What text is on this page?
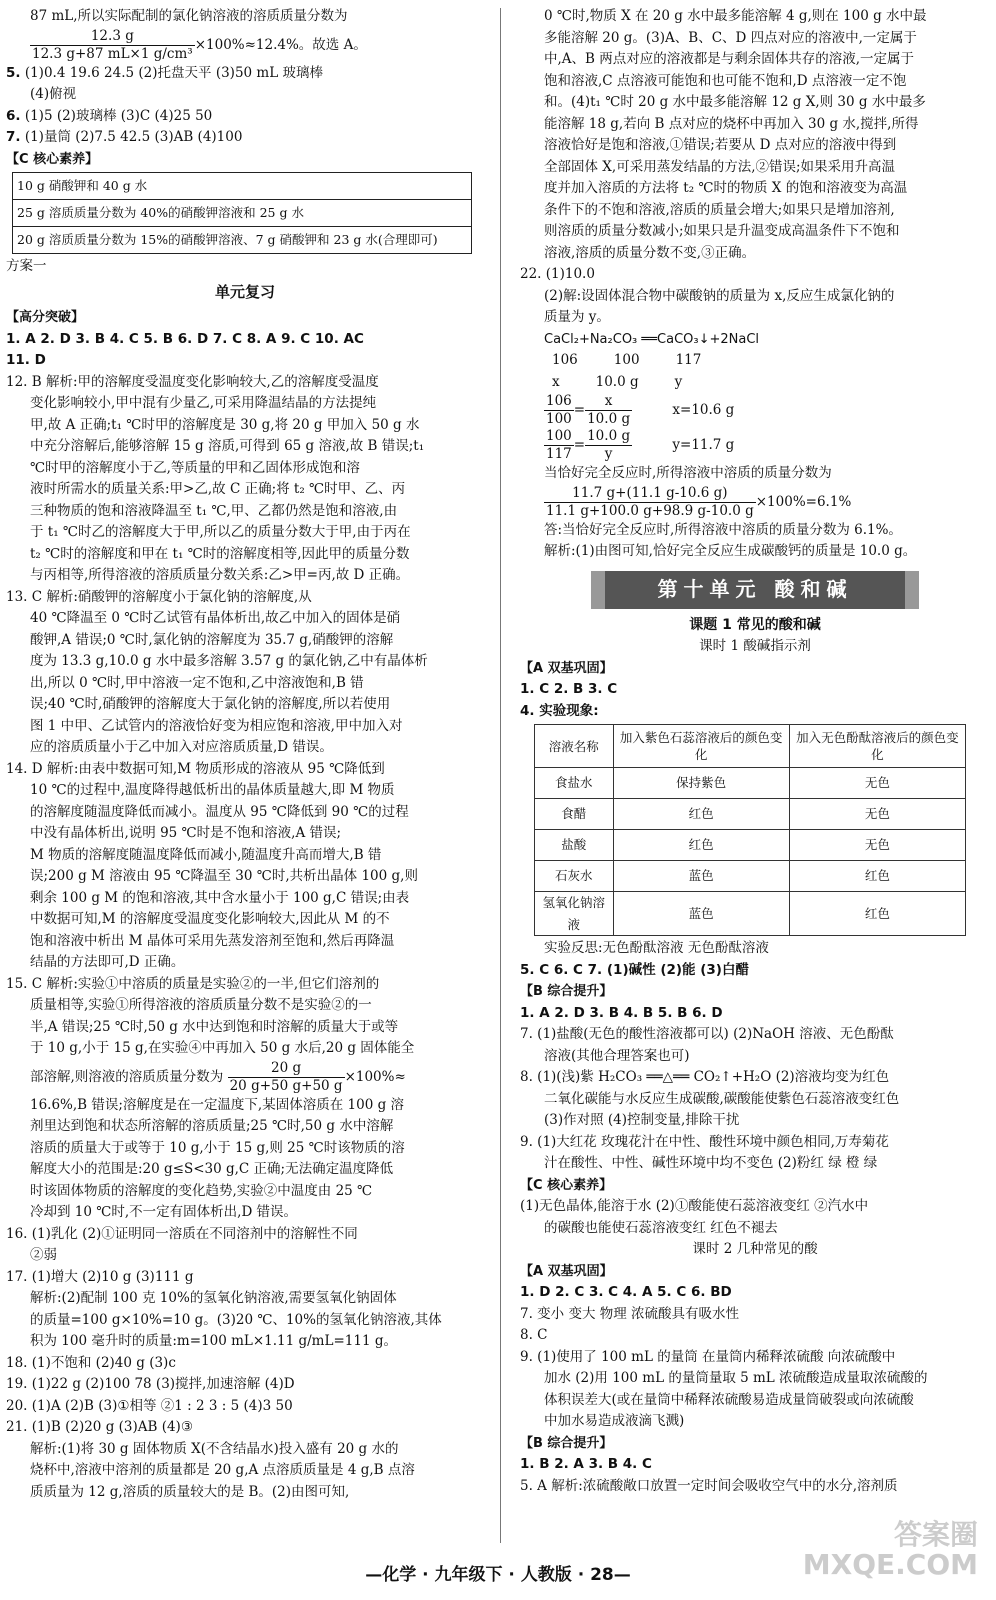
87 mL,所以实际配制的氯化钠溶液的溶质质量分数为

$\frac{12.3 g}{\text{12.3 g+87 mL×1 g/cm³}} \times 100\%\approx 12.4\%$。故选 A。

5. (1)0.4 19.6 24.5 (2)托盘天平 (3)50 mL 玻璃棒

(4)俯视

6. (1)5 (2)玻璃棒 (3)C (4)25 50

7. (1)量筒 (2)7.5 42.5 (3)AB (4)100

【C 核心素养】

10 g 硝酸钾和 40 g 水
25 g 溶质质量分数为 40%的硝酸钾溶液和 25 g 水
20 g 溶质质量分数为 15%的硝酸钾溶液、7 g 硝酸钾和 23 g 水(合理即可)

方案一

单元复习

【高分突破】

1. A 2. D 3. B 4. C 5. B 6. D 7. C 8. A 9. C 10. AC

11. D

12. B 解析:甲的溶解度受温度变化影响较大,乙的溶解度受温度

变化影响较小,甲中混有少量乙,可采用降温结晶的方法提纯

甲,故 A 正确;t₁ ℃时甲的溶解度是 30 g,将 20 g 甲加入 50 g 水

中充分溶解后,能够溶解 15 g 溶质,可得到 65 g 溶液,故 B 错误;t₁

℃时甲的溶解度小于乙,等质量的甲和乙固体形成饱和溶

液时所需水的质量关系:甲>乙,故 C 正确;将 t₂ ℃时甲、乙、丙

三种物质的饱和溶液降温至 t₁ ℃,甲、乙都仍然是饱和溶液,由

于 t₁ ℃时乙的溶解度大于甲,所以乙的质量分数大于甲,由于丙在

t₂ ℃时的溶解度和甲在 t₁ ℃时的溶解度相等,因此甲的质量分数

与丙相等,所得溶液的溶质质量分数关系:乙>甲=丙,故 D 正确。

13. C 解析:硝酸钾的溶解度小于氯化钠的溶解度,从

40 ℃降温至 0 ℃时乙试管有晶体析出,故乙中加入的固体是硝

酸钾,A 错误;0 ℃时,氯化钠的溶解度为 35.7 g,硝酸钾的溶解

度为 13.3 g,10.0 g 水中最多溶解 3.57 g 的氯化钠,乙中有晶体析

出,所以 0 ℃时,甲中溶液一定不饱和,乙中溶液饱和,B 错

误;40 ℃时,硝酸钾的溶解度大于氯化钠的溶解度,所以若使用

图 1 中甲、乙试管内的溶液恰好变为相应饱和溶液,甲中加入对

应的溶质质量小于乙中加入对应溶质质量,D 错误。

14. D 解析:由表中数据可知,M 物质形成的溶液从 95 ℃降低到

10 ℃的过程中,温度降得越低析出的晶体质量越大,即 M 物质

的溶解度随温度降低而减小。温度从 95 ℃降低到 90 ℃的过程

中没有晶体析出,说明 95 ℃时是不饱和溶液,A 错误;

M 物质的溶解度随温度降低而减小,随温度升高而增大,B 错

误;200 g M 溶液由 95 ℃降温至 30 ℃时,共析出晶体 100 g,则

剩余 100 g M 的饱和溶液,其中含水量小于 100 g,C 错误;由表

中数据可知,M 的溶解度受温度变化影响较大,因此从 M 的不

饱和溶液中析出 M 晶体可采用先蒸发溶剂至饱和,然后再降温

结晶的方法即可,D 正确。

15. C 解析:实验①中溶质的质量是实验②的一半,但它们溶剂的

质量相等,实验①所得溶液的溶质质量分数不是实验②的一

半,A 错误;25 ℃时,50 g 水中达到饱和时溶解的质量大于或等

于 10 g,小于 15 g,在实验④中再加入 50 g 水后,20 g 固体能全

部溶解,则溶液的溶质质量分数为 $\frac{20 g}{20 g+50 g+50 g} \times 100\%\approx$

16.6%,B 错误;溶解度是在一定温度下,某固体溶质在 100 g 溶

剂里达到饱和状态所溶解的溶质质量;25 ℃时,50 g 水中溶解

溶质的质量大于或等于 10 g,小于 15 g,则 25 ℃时该物质的溶

解度大小的范围是:20 g≤S<30 g,C 正确;无法确定温度降低

时该固体物质的溶解度的变化趋势,实验②中温度由 25 ℃

冷却到 10 ℃时,不一定有固体析出,D 错误。

16. (1)乳化 (2)①证明同一溶质在不同溶剂中的溶解性不同

②弱

17. (1)增大 (2)10 g (3)111 g

解析:(2)配制 100 克 10%的氢氧化钠溶液,需要氢氧化钠固体

的质量=100 g×10%=10 g。(3)20 ℃、10%的氢氧化钠溶液,其体

积为 100 毫升时的质量:m=100 mL×1.11 g/mL=111 g。

18. (1)不饱和 (2)40 g (3)c

19. (1)22 g (2)100 78 (3)搅拌,加速溶解 (4)D

20. (1)A (2)B (3)①相等 ②1 : 2 3 : 5 (4)3 50

21. (1)B (2)20 g (3)AB (4)③

解析:(1)将 30 g 固体物质 X(不含结晶水)投入盛有 20 g 水的

烧杯中,溶液中溶剂的质量都是 20 g,A 点溶质质量是 4 g,B 点溶

质质量为 12 g,溶质的质量较大的是 B。(2)由图可知,

0 ℃时,物质 X 在 20 g 水中最多能溶解 4 g,则在 100 g 水中最

多能溶解 20 g。(3)A、B、C、D 四点对应的溶液中,一定属于

中,A、B 两点对应的溶液都是与剩余固体共存的溶液,一定属于

饱和溶液,C 点溶液可能饱和也可能不饱和,D 点溶液一定不饱

和。(4)t₁ ℃时 20 g 水中最多能溶解 12 g X,则 30 g 水中最多

能溶解 18 g,若向 B 点对应的烧杯中再加入 30 g 水,搅拌,所得

溶液恰好是饱和溶液,①错误;若要从 D 点对应的溶液中得到

全部固体 X,可采用蒸发结晶的方法,②错误;如果采用升高温

度并加入溶质的方法将 t₂ ℃时的物质 X 的饱和溶液变为高温

条件下的不饱和溶液,溶质的质量会增大;如果只是增加溶剂,

则溶质的质量分数减小;如果只是升温变成高温条件下不饱和

溶液,溶质的质量分数不变,③正确。

22. (1)10.0

(2)解:设固体混合物中碳酸钠的质量为 x,反应生成氯化钠的

质量为 y。

CaCl₂+Na₂CO₃ ══CaCO₃↓+2NaCl

106	100	117

x	10.0 g	y

$\frac{106}{100} = \frac{x}{10.0 g}$	x=10.6 g

$\frac{100}{117} = \frac{10.0 g}{y}$	y=11.7 g

当恰好完全反应时,所得溶液中溶质的质量分数为

$\frac{11.7 g+(11.1 g-10.6 g)}{11.1 g+100.0 g+98.9 g-10.0 g} \times 100\%=6.1\%$

答:当恰好完全反应时,所得溶液中溶质的质量分数为 6.1%。

解析:(1)由图可知,恰好完全反应生成碳酸钙的质量是 10.0 g。

第十单元 酸和碱

课题 1 常见的酸和碱

课时 1 酸碱指示剂

【A 双基巩固】

1. C 2. B 3. C

4. 实验现象:

溶液名称	加入紫色石蕊溶液后的颜色变化	加入无色酚酞溶液后的颜色变化
食盐水	保持紫色	无色
食醋	红色	无色
盐酸	红色	无色
石灰水	蓝色	红色
氢氧化钠溶液	蓝色	红色

实验反思:无色酚酞溶液 无色酚酞溶液

5. C 6. C 7. (1)碱性 (2)能 (3)白醋

【B 综合提升】

1. A 2. D 3. B 4. B 5. B 6. D

7. (1)盐酸(无色的酸性溶液都可以) (2)NaOH 溶液、无色酚酞

溶液(其他合理答案也可)

8. (1)(浅)紫 H₂CO₃ ══△══ CO₂↑+H₂O (2)溶液均变为红色

二氧化碳能与水反应生成碳酸,碳酸能使紫色石蕊溶液变红色

(3)作对照 (4)控制变量,排除干扰

9. (1)大红花 玫瑰花汁在中性、酸性环境中颜色相同,万寿菊花

汁在酸性、中性、碱性环境中均不变色 (2)粉红 绿 橙 绿

【C 核心素养】

(1)无色晶体,能溶于水 (2)①酸能使石蕊溶液变红 ②汽水中

的碳酸也能使石蕊溶液变红 红色不褪去

课时 2 几种常见的酸

【A 双基巩固】

1. D 2. C 3. C 4. A 5. C 6. BD

7. 变小 变大 物理 浓硫酸具有吸水性

8. C

9. (1)使用了 100 mL 的量筒 在量筒内稀释浓硫酸 向浓硫酸中

加水 (2)用 100 mL 的量筒量取 5 mL 浓硫酸造成量取浓硫酸的

体积误差大(或在量筒中稀释浓硫酸易造成量筒破裂或向浓硫酸

中加水易造成液滴飞溅)

【B 综合提升】

1. B 2. A 3. B 4. C

5. A 解析:浓硫酸敞口放置一定时间会吸收空气中的水分,溶剂质

—化学 · 九年级下 · 人教版 · 28—
答案圈
MXQE.COM
